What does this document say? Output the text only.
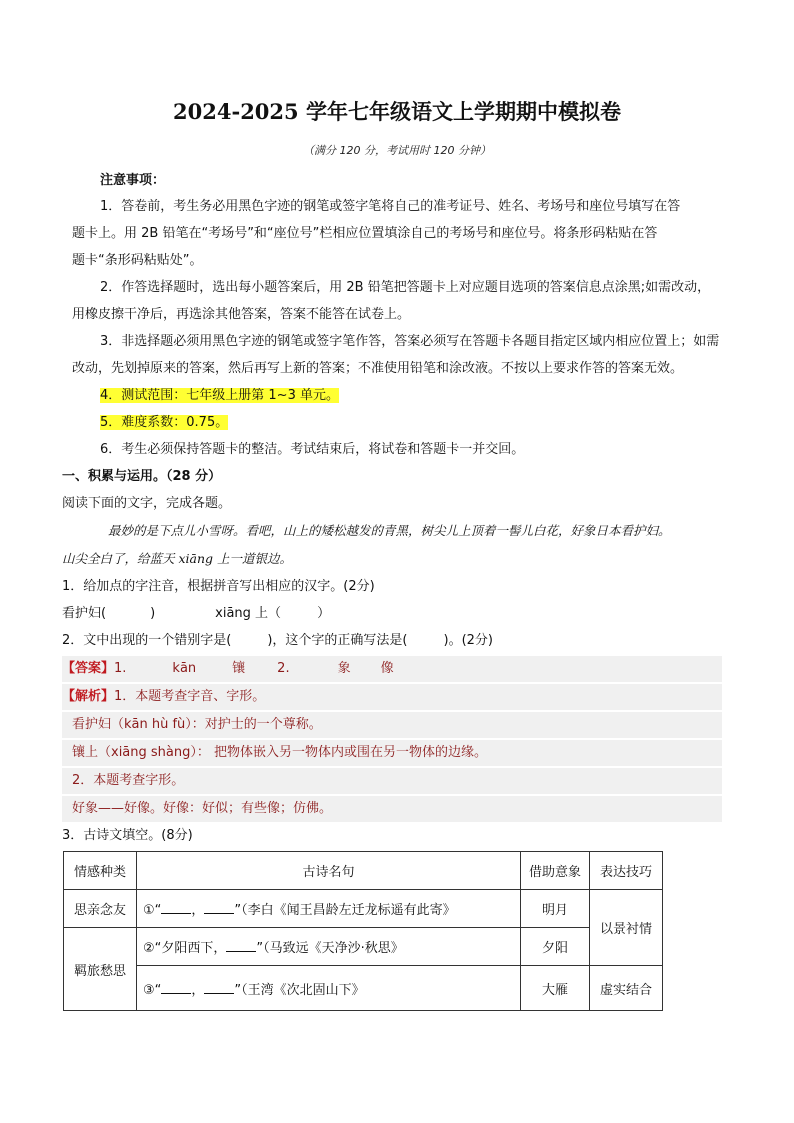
2024-2025 学年七年级语文上学期期中模拟卷
（满分 120 分，考试用时 120 分钟）
注意事项：
1．答卷前，考生务必用黑色字迹的钢笔或签字笔将自己的准考证号、姓名、考场号和座位号填写在答
题卡上。用 2B 铅笔在“考场号”和“座位号”栏相应位置填涂自己的考场号和座位号。将条形码粘贴在答
题卡“条形码粘贴处”。
2．作答选择题时，选出每小题答案后，用 2B 铅笔把答题卡上对应题目选项的答案信息点涂黑;如需改动，
用橡皮擦干净后，再选涂其他答案，答案不能答在试卷上。
3．非选择题必须用黑色字迹的钢笔或签字笔作答，答案必须写在答题卡各题目指定区域内相应位置上；如需
改动，先划掉原来的答案，然后再写上新的答案；不准使用铅笔和涂改液。不按以上要求作答的答案无效。
4．测试范围：七年级上册第 1~3 单元。
5．难度系数：0.75。
6．考生必须保持答题卡的整洁。考试结束后，将试卷和答题卡一并交回。
一、积累与运用。（28 分）
阅读下面的文字，完成各题。
最妙的是下点儿小雪呀。看吧，山上的矮松越发的青黑，树尖儿上顶着一髻儿白花，好象日本看护妇。
山尖全白了，给蓝天 xiāng 上一道银边。
1．给加点的字注音，根据拼音写出相应的汉字。(2分)
看护妇(	)	xiāng 上（	）
2．文中出现的一个错别字是(	)，这个字的正确写法是(	)。(2分)
【答案】1.	kān	镶 2.	象 像
【解析】1．本题考查字音、字形。
看护妇（kān hù fù）：对护士的一个尊称。
镶上（xiāng shàng）： 把物体嵌入另一物体内或围在另一物体的边缘。
2．本题考查字形。
好象——好像。好像：好似；有些像；仿佛。
3．古诗文填空。(8分)
情感种类	古诗名句	借助意象	表达技巧
思亲念友	①“ ， ”（李白《闻王昌龄左迁龙标遥有此寄》	明月	以景衬情
羁旅愁思	②“夕阳西下， ”（马致远《天净沙·秋思》	夕阳	
	③“ ， ”（王湾《次北固山下》	大雁	虚实结合
